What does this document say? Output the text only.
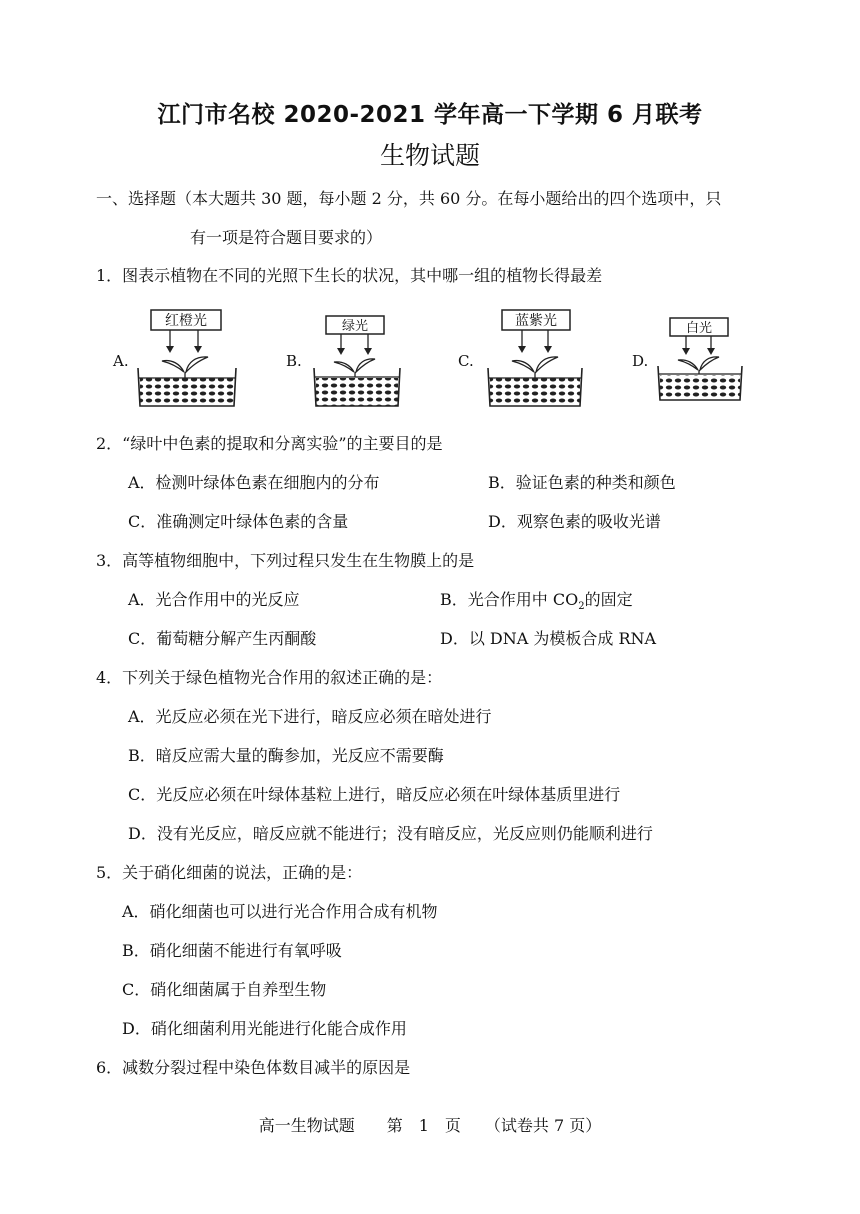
江门市名校 2020-2021 学年高一下学期 6 月联考
生物试题
一、选择题（本大题共 30 题，每小题 2 分，共 60 分。在每小题给出的四个选项中，只
有一项是符合题目要求的）
1．图表示植物在不同的光照下生长的状况，其中哪一组的植物长得最差
A.
红橙光
B.
绿光
C.
蓝紫光
D.
白光
2．“绿叶中色素的提取和分离实验”的主要目的是
A．检测叶绿体色素在细胞内的分布	B．验证色素的种类和颜色
C．准确测定叶绿体色素的含量	D．观察色素的吸收光谱
3．高等植物细胞中，下列过程只发生在生物膜上的是
A．光合作用中的光反应	B．光合作用中 $CO_2$的固定
C．葡萄糖分解产生丙酮酸	D．以 DNA 为模板合成 RNA
4．下列关于绿色植物光合作用的叙述正确的是：
A．光反应必须在光下进行，暗反应必须在暗处进行
B．暗反应需大量的酶参加，光反应不需要酶
C．光反应必须在叶绿体基粒上进行，暗反应必须在叶绿体基质里进行
D．没有光反应，暗反应就不能进行；没有暗反应，光反应则仍能顺利进行
5．关于硝化细菌的说法，正确的是：
A．硝化细菌也可以进行光合作用合成有机物
B．硝化细菌不能进行有氧呼吸
C．硝化细菌属于自养型生物
D．硝化细菌利用光能进行化能合成作用
6．减数分裂过程中染色体数目减半的原因是
高一生物试题　　第　1　页　　（试卷共 7 页）
